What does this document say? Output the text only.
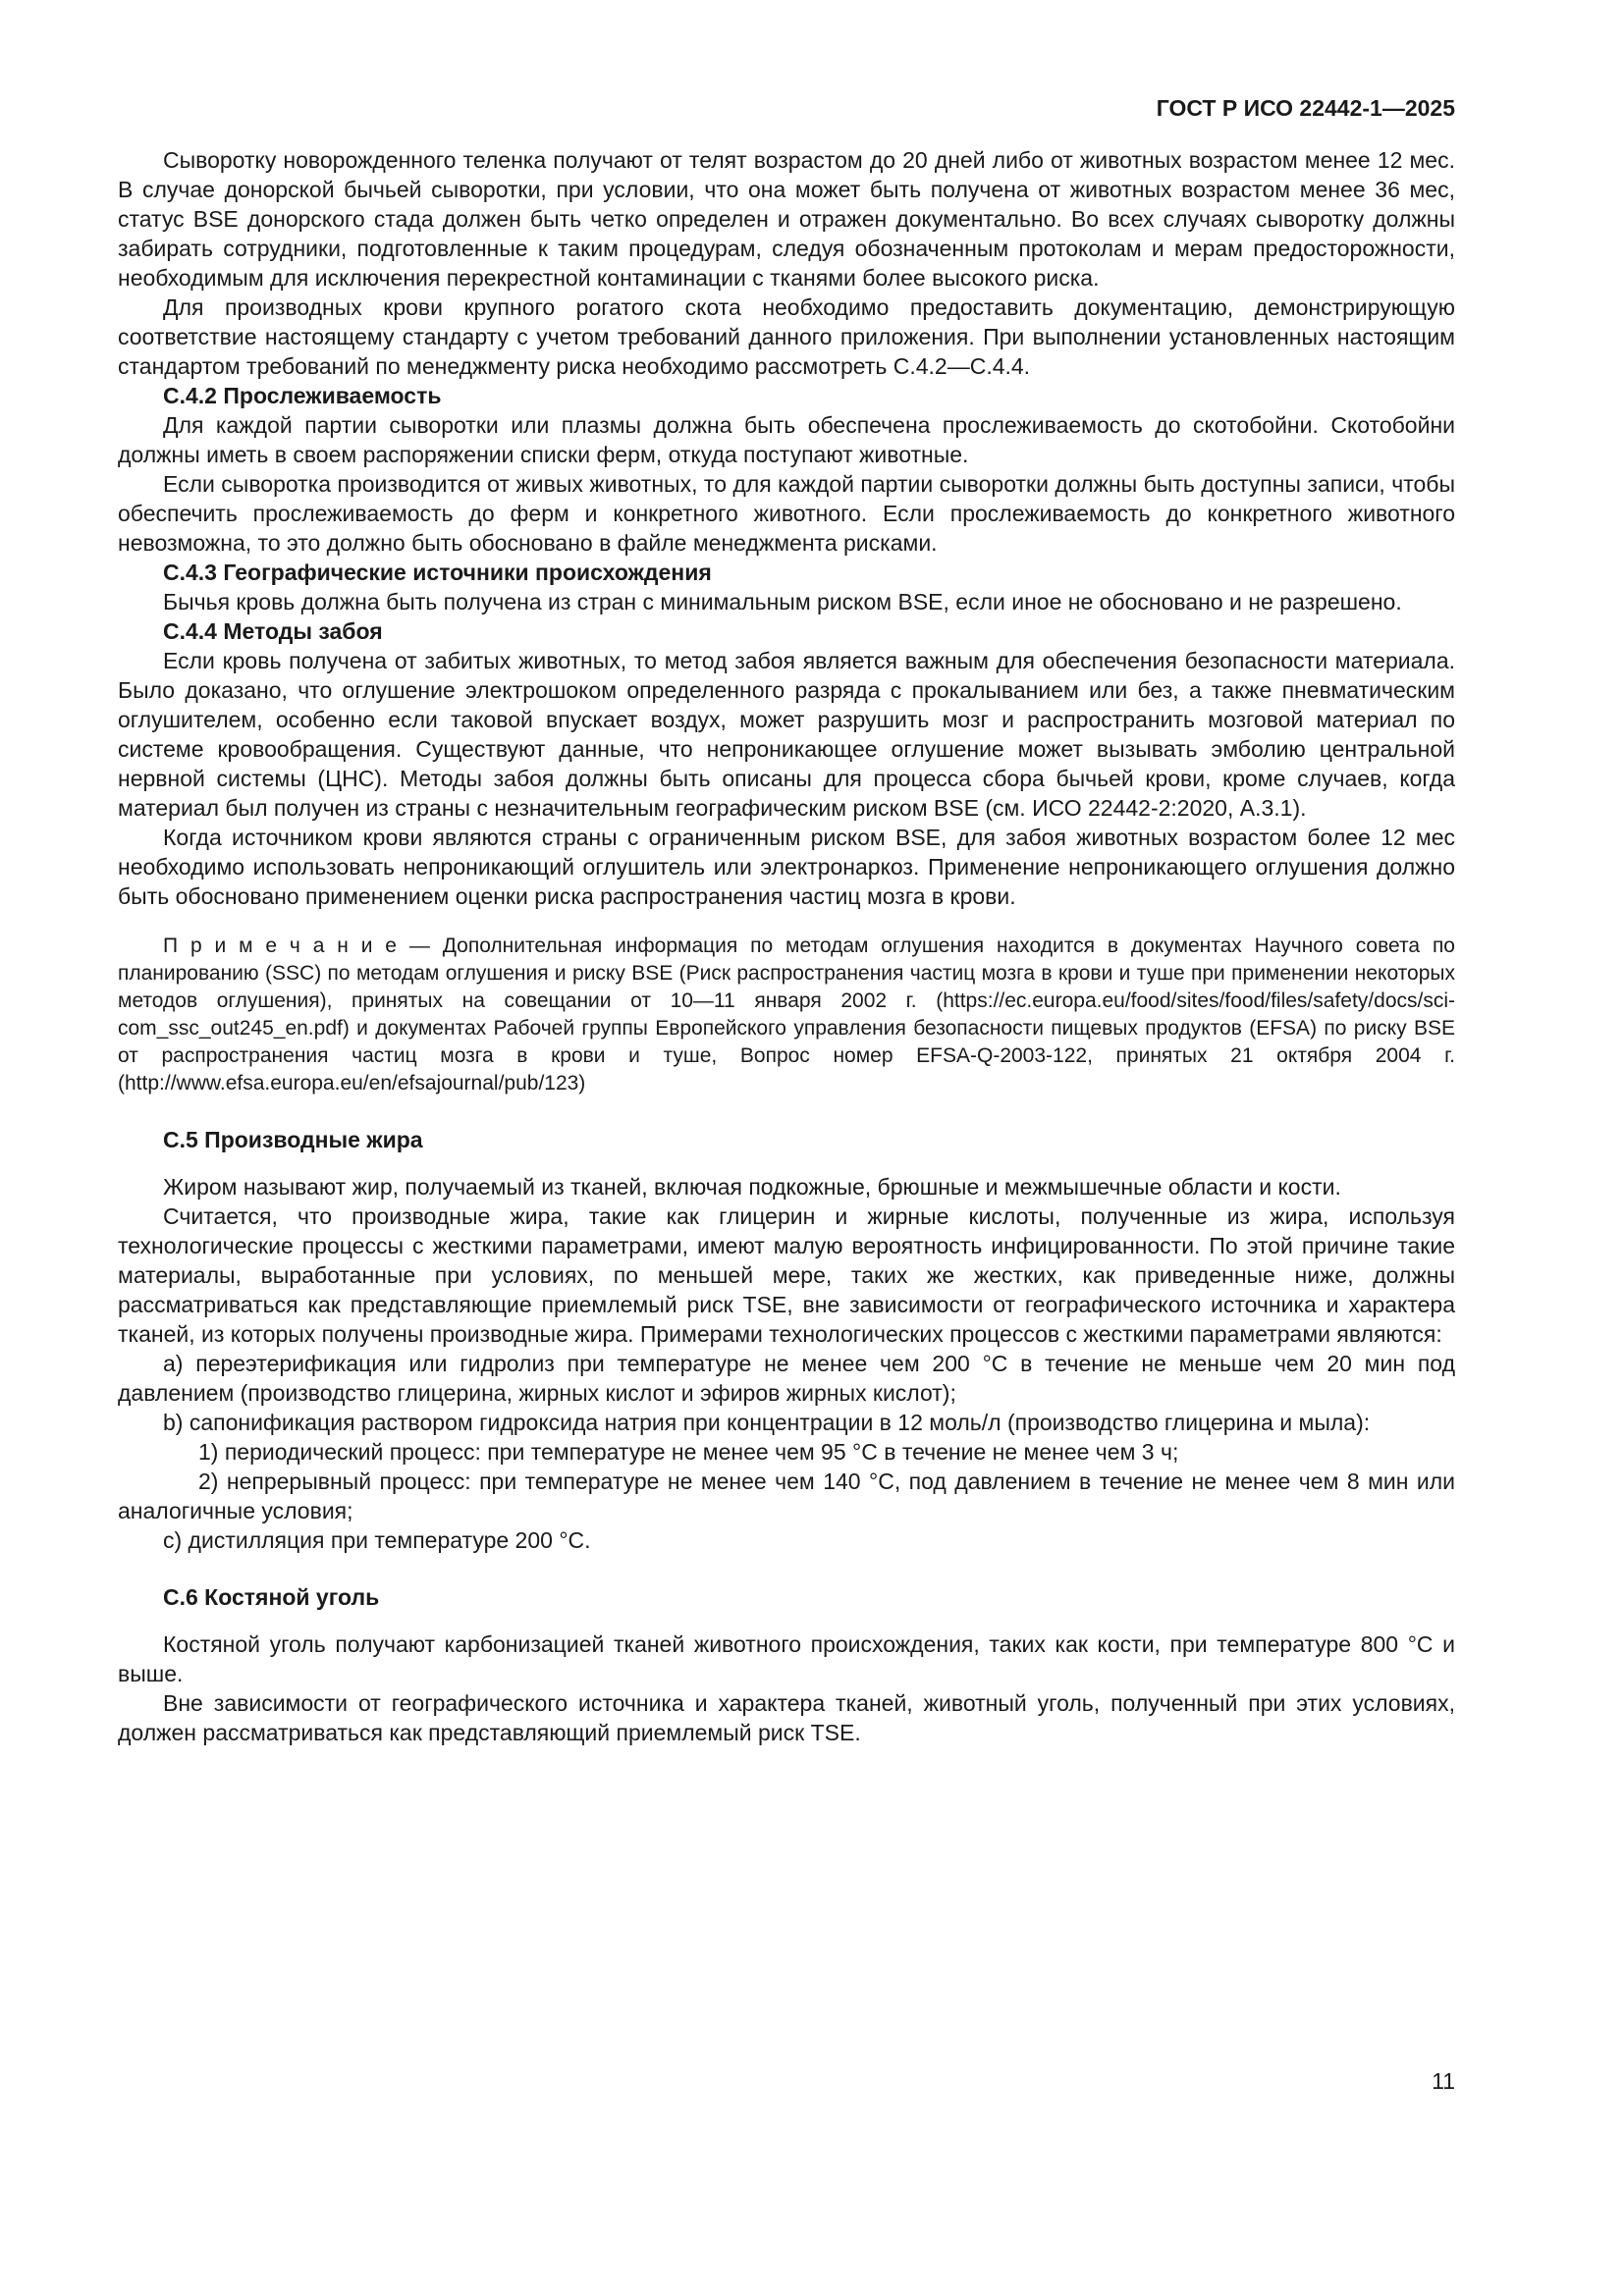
ГОСТ Р ИСО 22442-1—2025
Сыворотку новорожденного теленка получают от телят возрастом до 20 дней либо от животных возрастом менее 12 мес. В случае донорской бычьей сыворотки, при условии, что она может быть получена от животных возрастом менее 36 мес, статус BSE донорского стада должен быть четко определен и отражен документально. Во всех случаях сыворотку должны забирать сотрудники, подготовленные к таким процедурам, следуя обозначенным протоколам и мерам предосторожности, необходимым для исключения перекрестной контаминации с тканями более высокого риска.
Для производных крови крупного рогатого скота необходимо предоставить документацию, демонстрирующую соответствие настоящему стандарту с учетом требований данного приложения. При выполнении установленных настоящим стандартом требований по менеджменту риска необходимо рассмотреть С.4.2—С.4.4.
С.4.2 Прослеживаемость
Для каждой партии сыворотки или плазмы должна быть обеспечена прослеживаемость до скотобойни. Скотобойни должны иметь в своем распоряжении списки ферм, откуда поступают животные.
Если сыворотка производится от живых животных, то для каждой партии сыворотки должны быть доступны записи, чтобы обеспечить прослеживаемость до ферм и конкретного животного. Если прослеживаемость до конкретного животного невозможна, то это должно быть обосновано в файле менеджмента рисками.
С.4.3 Географические источники происхождения
Бычья кровь должна быть получена из стран с минимальным риском BSE, если иное не обосновано и не разрешено.
С.4.4 Методы забоя
Если кровь получена от забитых животных, то метод забоя является важным для обеспечения безопасности материала. Было доказано, что оглушение электрошоком определенного разряда с прокалыванием или без, а также пневматическим оглушителем, особенно если таковой впускает воздух, может разрушить мозг и распространить мозговой материал по системе кровообращения. Существуют данные, что непроникающее оглушение может вызывать эмболию центральной нервной системы (ЦНС). Методы забоя должны быть описаны для процесса сбора бычьей крови, кроме случаев, когда материал был получен из страны с незначительным географическим риском BSE (см. ИСО 22442-2:2020, А.3.1).
Когда источником крови являются страны с ограниченным риском BSE, для забоя животных возрастом более 12 мес необходимо использовать непроникающий оглушитель или электронаркоз. Применение непроникающего оглушения должно быть обосновано применением оценки риска распространения частиц мозга в крови.
П р и м е ч а н и е — Дополнительная информация по методам оглушения находится в документах Научного совета по планированию (SSC) по методам оглушения и риску BSE (Риск распространения частиц мозга в крови и туше при применении некоторых методов оглушения), принятых на совещании от 10—11 января 2002 г. (https://ec.europa.eu/food/sites/food/files/safety/docs/sci-com_ssc_out245_en.pdf) и документах Рабочей группы Европейского управления безопасности пищевых продуктов (EFSA) по риску BSE от распространения частиц мозга в крови и туше, Вопрос номер EFSA-Q-2003-122, принятых 21 октября 2004 г. (http://www.efsa.europa.eu/en/efsajournal/pub/123)
С.5 Производные жира
Жиром называют жир, получаемый из тканей, включая подкожные, брюшные и межмышечные области и кости.
Считается, что производные жира, такие как глицерин и жирные кислоты, полученные из жира, используя технологические процессы с жесткими параметрами, имеют малую вероятность инфицированности. По этой причине такие материалы, выработанные при условиях, по меньшей мере, таких же жестких, как приведенные ниже, должны рассматриваться как представляющие приемлемый риск TSE, вне зависимости от географического источника и характера тканей, из которых получены производные жира. Примерами технологических процессов с жесткими параметрами являются:
a) переэтерификация или гидролиз при температуре не менее чем 200 °С в течение не меньше чем 20 мин под давлением (производство глицерина, жирных кислот и эфиров жирных кислот);
b) сапонификация раствором гидроксида натрия при концентрации в 12 моль/л (производство глицерина и мыла):
1) периодический процесс: при температуре не менее чем 95 °С в течение не менее чем 3 ч;
2) непрерывный процесс: при температуре не менее чем 140 °С, под давлением в течение не менее чем 8 мин или аналогичные условия;
c) дистилляция при температуре 200 °С.
С.6 Костяной уголь
Костяной уголь получают карбонизацией тканей животного происхождения, таких как кости, при температуре 800 °С и выше.
Вне зависимости от географического источника и характера тканей, животный уголь, полученный при этих условиях, должен рассматриваться как представляющий приемлемый риск TSE.
11
